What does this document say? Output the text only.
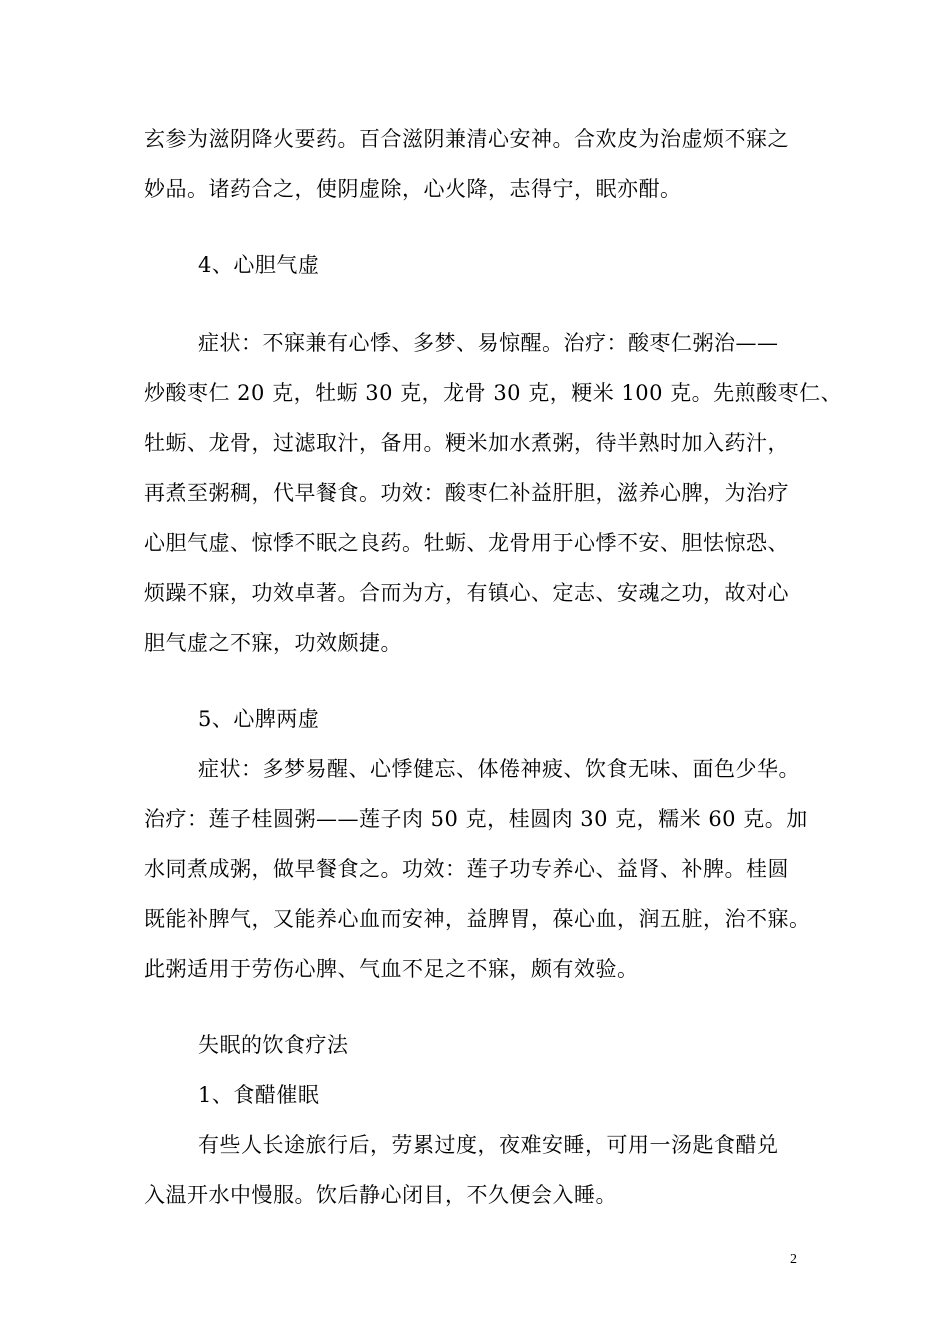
玄参为滋阴降火要药。百合滋阴兼清心安神。合欢皮为治虚烦不寐之
妙品。诸药合之，使阴虚除，心火降，志得宁，眠亦酣。
4、心胆气虚
症状：不寐兼有心悸、多梦、易惊醒。治疗：酸枣仁粥治——
炒酸枣仁 20 克，牡蛎 30 克，龙骨 30 克，粳米 100 克。先煎酸枣仁、
牡蛎、龙骨，过滤取汁，备用。粳米加水煮粥，待半熟时加入药汁，
再煮至粥稠，代早餐食。功效：酸枣仁补益肝胆，滋养心脾，为治疗
心胆气虚、惊悸不眠之良药。牡蛎、龙骨用于心悸不安、胆怯惊恐、
烦躁不寐，功效卓著。合而为方，有镇心、定志、安魂之功，故对心
胆气虚之不寐，功效颇捷。
5、心脾两虚
症状：多梦易醒、心悸健忘、体倦神疲、饮食无味、面色少华。
治疗：莲子桂圆粥——莲子肉 50 克，桂圆肉 30 克，糯米 60 克。加
水同煮成粥，做早餐食之。功效：莲子功专养心、益肾、补脾。桂圆
既能补脾气，又能养心血而安神，益脾胃，葆心血，润五脏，治不寐。
此粥适用于劳伤心脾、气血不足之不寐，颇有效验。
失眠的饮食疗法
1、食醋催眠
有些人长途旅行后，劳累过度，夜难安睡，可用一汤匙食醋兑
入温开水中慢服。饮后静心闭目，不久便会入睡。
2
